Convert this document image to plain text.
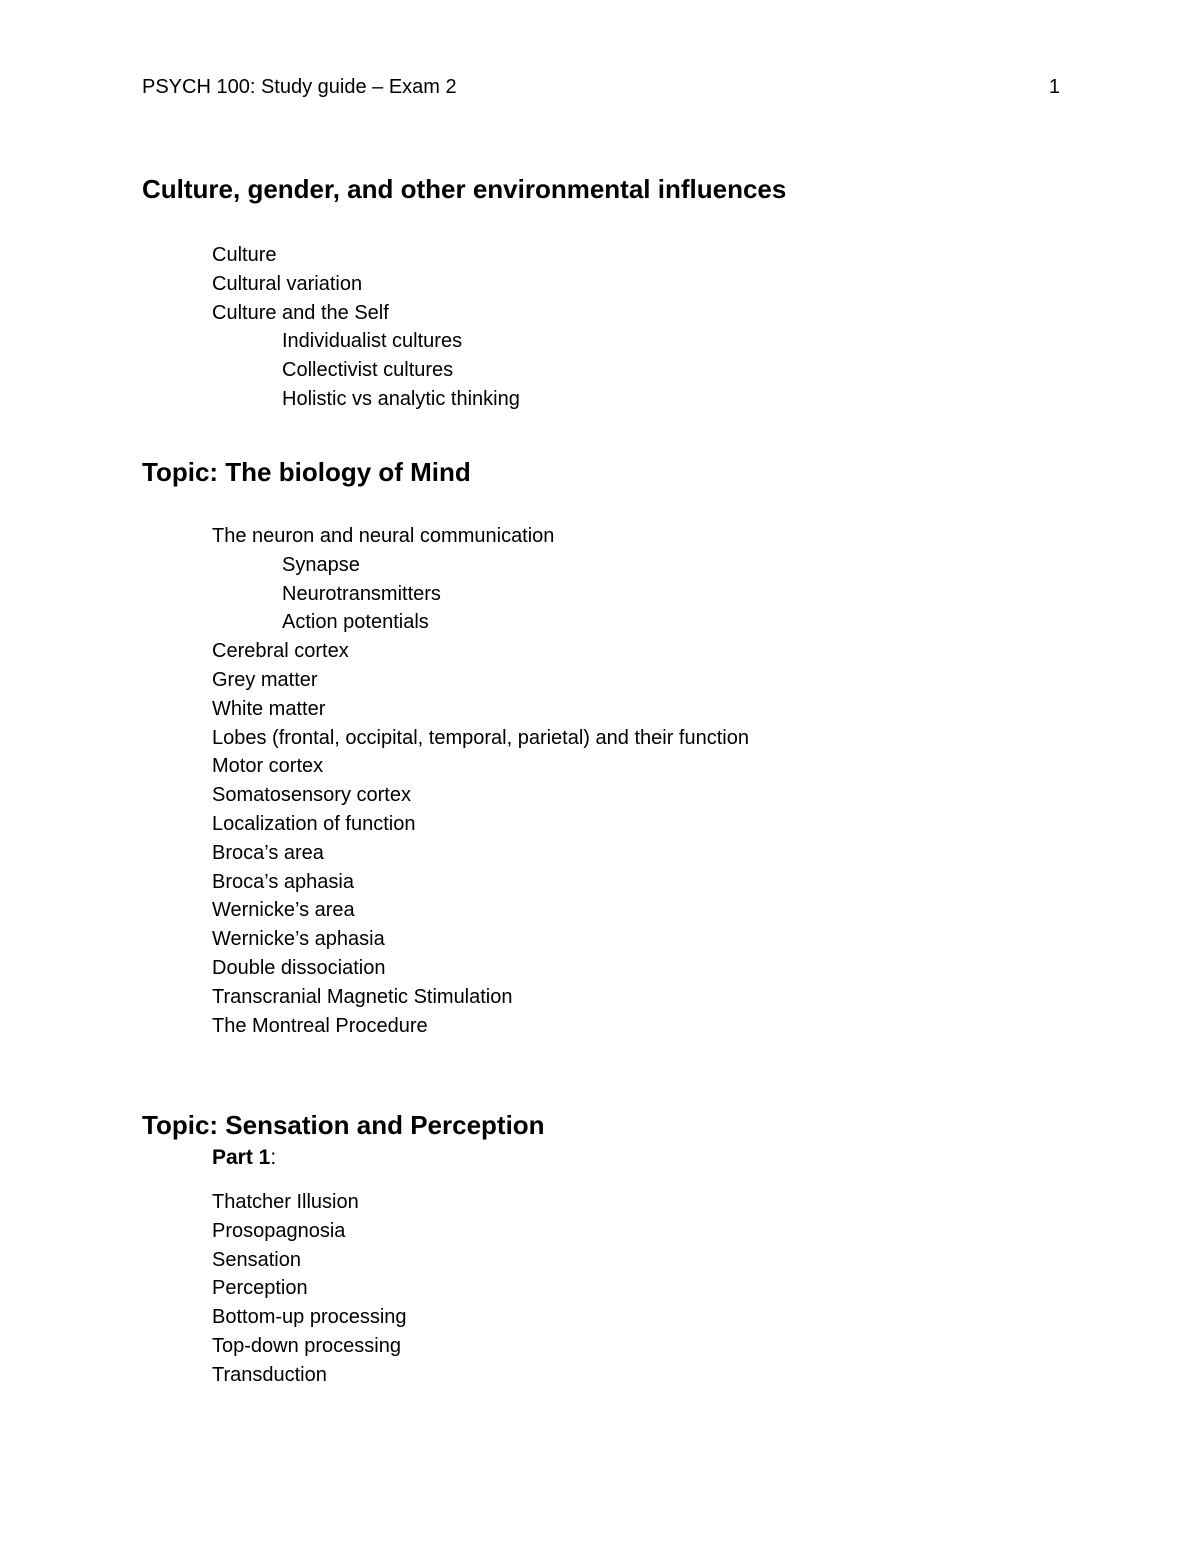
PSYCH 100: Study guide – Exam 2	1
Culture, gender, and other environmental influences
Culture
Cultural variation
Culture and the Self
Individualist cultures
Collectivist cultures
Holistic vs analytic thinking
Topic: The biology of Mind
The neuron and neural communication
Synapse
Neurotransmitters
Action potentials
Cerebral cortex
Grey matter
White matter
Lobes (frontal, occipital, temporal, parietal) and their function
Motor cortex
Somatosensory cortex
Localization of function
Broca’s area
Broca’s aphasia
Wernicke’s area
Wernicke’s aphasia
Double dissociation
Transcranial Magnetic Stimulation
The Montreal Procedure
Topic: Sensation and Perception
Part 1:
Thatcher Illusion
Prosopagnosia
Sensation
Perception
Bottom-up processing
Top-down processing
Transduction
